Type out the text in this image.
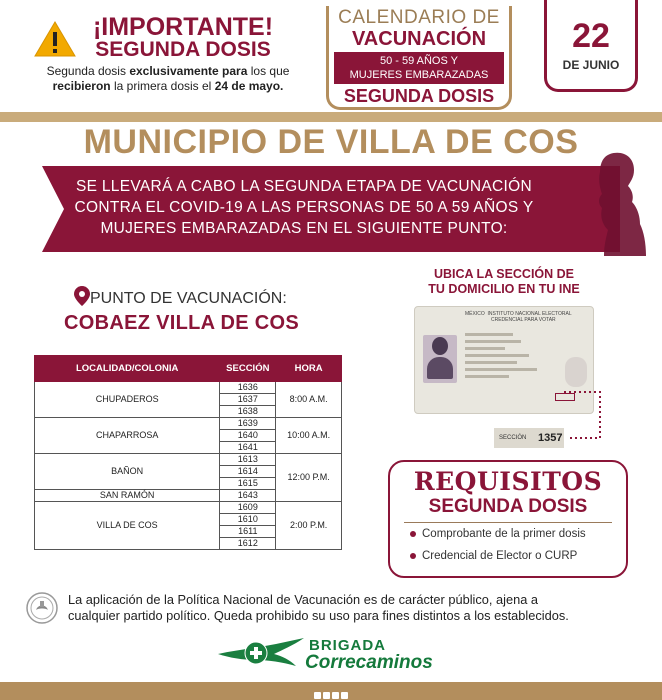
¡IMPORTANTE!
SEGUNDA DOSIS
Segunda dosis exclusivamente para los que
recibieron la primera dosis el 24 de mayo.
CALENDARIO DE
VACUNACIÓN
50 - 59 AÑOS Y
MUJERES EMBARAZADAS
SEGUNDA DOSIS
22
DE JUNIO
MUNICIPIO DE VILLA DE COS
SE LLEVARÁ A CABO LA SEGUNDA ETAPA DE VACUNACIÓN
CONTRA EL COVID-19 A LAS PERSONAS DE 50 A 59 AÑOS Y
MUJERES EMBARAZADAS EN EL SIGUIENTE PUNTO:
PUNTO DE VACUNACIÓN:
COBAEZ VILLA DE COS
LOCALIDAD/COLONIA	SECCIÓN	HORA
CHUPADEROS	1636	8:00 A.M.
	1637	
	1638	
CHAPARROSA	1639	10:00 A.M.
	1640	
	1641	
BAÑON	1613	12:00 P.M.
	1614	
	1615	
SAN RAMÓN	1643	
VILLA DE COS	1609	2:00 P.M.
	1610	
	1611	
	1612	
UBICA LA SECCIÓN DE
TU DOMICILIO EN TU INE
MÉXICO INSTITUTO NACIONAL ELECTORAL
CREDENCIAL PARA VOTAR
SECCIÓN	1357
REQUISITOS
SEGUNDA DOSIS
Comprobante de la primer dosis
Credencial de Elector o CURP
La aplicación de la Política Nacional de Vacunación es de carácter público, ajena a
cualquier partido político. Queda prohibido su uso para fines distintos a los establecidos.
BRIGADA
Correcaminos
